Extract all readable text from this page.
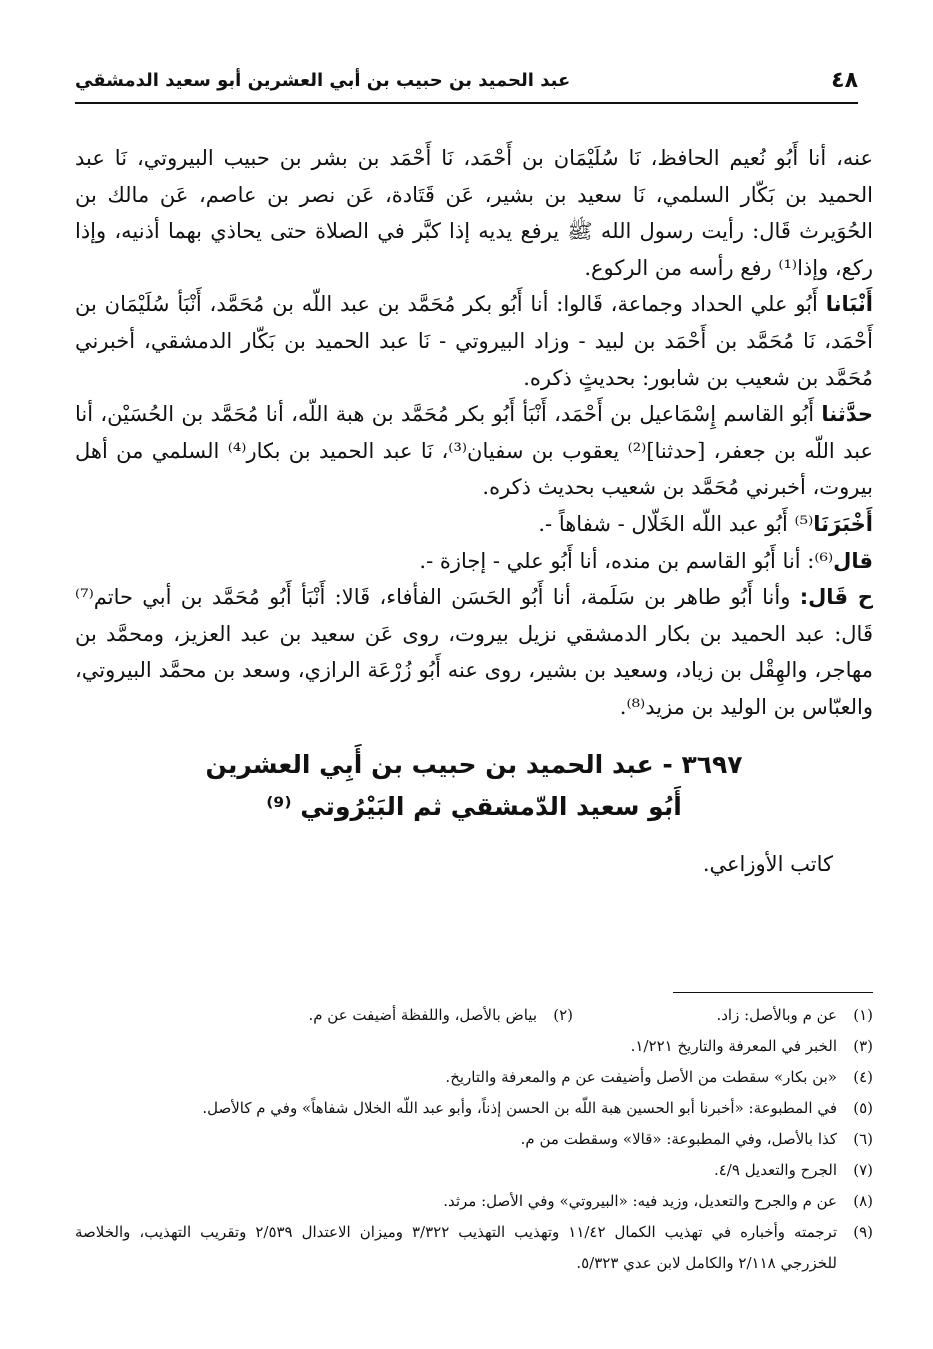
٤٨
عبد الحميد بن حبيب بن أبي العشرين أبو سعيد الدمشقي

عنه، أنا أَبُو نُعيم الحافظ، نَا سُلَيْمَان بن أَحْمَد، نَا أَحْمَد بن بشر بن حبيب البيروتي، نَا عبد الحميد بن بَكّار السلمي، نَا سعيد بن بشير، عَن قَتَادة، عَن نصر بن عاصم، عَن مالك بن الحُوَيرث قَال: رأيت رسول الله ﷺ يرفع يديه إذا كبَّر في الصلاة حتى يحاذي بهما أذنيه، وإذا ركع، وإذا⁽¹⁾ رفع رأسه من الركوع.

أَنْبَانا أَبُو علي الحداد وجماعة، قَالوا: أنا أَبُو بكر مُحَمَّد بن عبد اللّه بن مُحَمَّد، أَنْبَأ سُلَيْمَان بن أَحْمَد، نَا مُحَمَّد بن أَحْمَد بن لبيد - وزاد البيروتي - نَا عبد الحميد بن بَكّار الدمشقي، أخبرني مُحَمَّد بن شعيب بن شابور: بحديثٍ ذكره.

حدَّثنا أَبُو القاسم إِسْمَاعيل بن أَحْمَد، أَنْبَأ أَبُو بكر مُحَمَّد بن هبة اللّه، أنا مُحَمَّد بن الحُسَيْن، أنا عبد اللّه بن جعفر، [حدثنا]⁽²⁾ يعقوب بن سفيان⁽³⁾، نَا عبد الحميد بن بكار⁽⁴⁾ السلمي من أهل بيروت، أخبرني مُحَمَّد بن شعيب بحديث ذكره.

أَخْبَرَنَا⁽⁵⁾ أَبُو عبد اللّه الخَلّال - شفاهاً -.

قال⁽⁶⁾: أنا أَبُو القاسم بن منده، أنا أَبُو علي - إجازة -.

ح قَال: وأنا أَبُو طاهر بن سَلَمة، أنا أَبُو الحَسَن الفأفاء، قَالا: أَنْبَأ أَبُو مُحَمَّد بن أبي حاتم⁽⁷⁾ قَال: عبد الحميد بن بكار الدمشقي نزيل بيروت، روى عَن سعيد بن عبد العزيز، ومحمَّد بن مهاجر، والهِقْل بن زياد، وسعيد بن بشير، روى عنه أَبُو زُرْعَة الرازي، وسعد بن محمَّد البيروتي، والعبّاس بن الوليد بن مزيد⁽⁸⁾.

٣٦٩٧ - عبد الحميد بن حبيب بن أَبِي العشرين
أَبُو سعيد الدّمشقي ثم البَيْرُوتي ⁽⁹⁾
كاتب الأوزاعي.
(١)
عن م وبالأصل: زاد.
(٢)
بياض بالأصل، واللفظة أضيفت عن م.
(٣)
الخبر في المعرفة والتاريخ ١/٢٢١.
(٤)
«بن بكار» سقطت من الأصل وأضيفت عن م والمعرفة والتاريخ.
(٥)
في المطبوعة: «أخبرنا أبو الحسين هبة اللّه بن الحسن إذناً، وأبو عبد اللّه الخلال شفاهاً» وفي م كالأصل.
(٦)
كذا بالأصل، وفي المطبوعة: «قالا» وسقطت من م.
(٧)
الجرح والتعديل ٤/٩.
(٨)
عن م والجرح والتعديل، وزيد فيه: «البيروتي» وفي الأصل: مرثد.
(٩)
ترجمته وأخباره في تهذيب الكمال ١١/٤٢ وتهذيب التهذيب ٣/٣٢٢ وميزان الاعتدال ٢/٥٣٩ وتقريب التهذيب، والخلاصة للخزرجي ٢/١١٨ والكامل لابن عدي ٥/٣٢٣.
